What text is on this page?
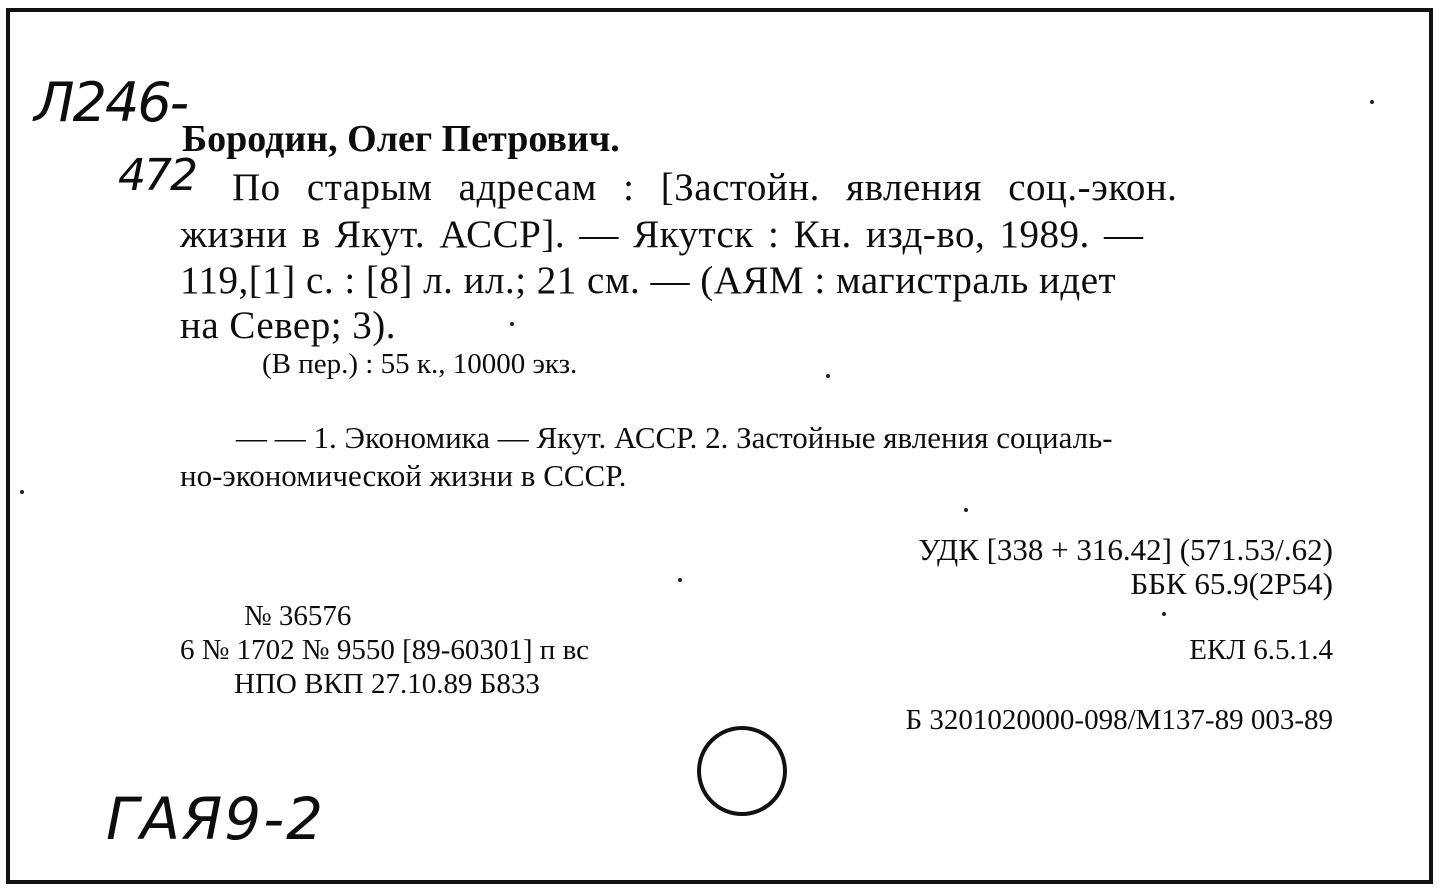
Л246-
472
Бородин, Олег Петрович.
По старым адресам : [Застойн. явления соц.-экон.
жизни в Якут. АССР]. — Якутск : Кн. изд-во, 1989. —
119,[1] с. : [8] л. ил.; 21 см. — (АЯМ : магистраль идет
на Север; 3).
(В пер.) : 55 к., 10000 экз.
— — 1. Экономика — Якут. АССР. 2. Застойные явления социаль-
но-экономической жизни в СССР.
УДК [338 + 316.42] (571.53/.62)
ББК 65.9(2Р54)
№ 36576
6 № 1702 № 9550 [89-60301] п вс
НПО ВКП 27.10.89 Б833
ЕКЛ 6.5.1.4
Б 3201020000-098/М137-89 003-89
ГАЯ9-2
